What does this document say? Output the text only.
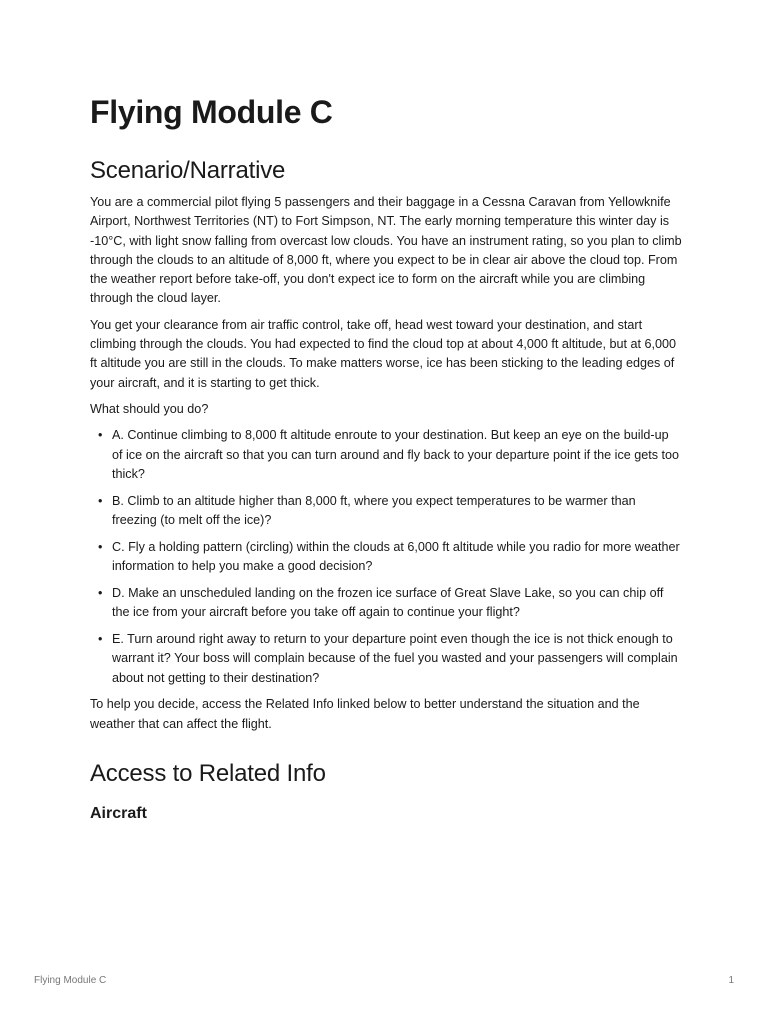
Flying Module C
Scenario/Narrative

You are a commercial pilot flying 5 passengers and their baggage in a Cessna Caravan from Yellowknife Airport, Northwest Territories (NT) to Fort Simpson, NT. The early morning temperature this winter day is -10°C, with light snow falling from overcast low clouds. You have an instrument rating, so you plan to climb through the clouds to an altitude of 8,000 ft, where you expect to be in clear air above the cloud top. From the weather report before take-off, you don't expect ice to form on the aircraft while you are climbing through the cloud layer.

You get your clearance from air traffic control, take off, head west toward your destination, and start climbing through the clouds. You had expected to find the cloud top at about 4,000 ft altitude, but at 6,000 ft altitude you are still in the clouds. To make matters worse, ice has been sticking to the leading edges of your aircraft, and it is starting to get thick.

What should you do?

• A. Continue climbing to 8,000 ft altitude enroute to your destination. But keep an eye on the build-up of ice on the aircraft so that you can turn around and fly back to your departure point if the ice gets too thick?
• B. Climb to an altitude higher than 8,000 ft, where you expect temperatures to be warmer than freezing (to melt off the ice)?
• C. Fly a holding pattern (circling) within the clouds at 6,000 ft altitude while you radio for more weather information to help you make a good decision?
• D. Make an unscheduled landing on the frozen ice surface of Great Slave Lake, so you can chip off the ice from your aircraft before you take off again to continue your flight?
• E. Turn around right away to return to your departure point even though the ice is not thick enough to warrant it? Your boss will complain because of the fuel you wasted and your passengers will complain about not getting to their destination?

To help you decide, access the Related Info linked below to better understand the situation and the weather that can affect the flight.

Access to Related Info
Aircraft
Flying Module C	1
